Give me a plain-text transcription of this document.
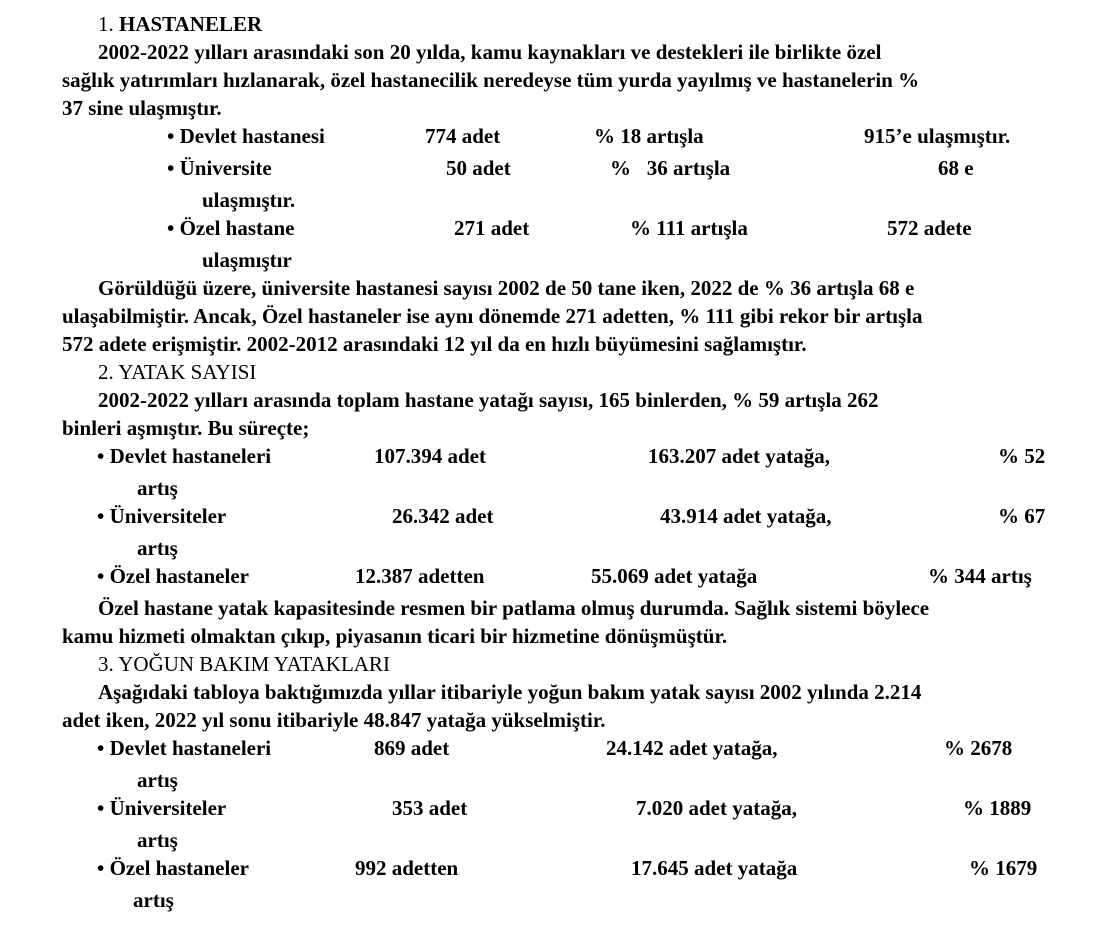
1. HASTANELER
2002-2022 yılları arasındaki son 20 yılda, kamu kaynakları ve destekleri ile birlikte özel
sağlık yatırımları hızlanarak, özel hastanecilik neredeyse tüm yurda yayılmış ve hastanelerin %
37 sine ulaşmıştır.
• Devlet hastanesi	774 adet	% 18 artışla	915’e ulaşmıştır.
• Üniversite	50 adet	%   36 artışla	68 e
ulaşmıştır.
• Özel hastane	271 adet	% 111 artışla	572 adete
ulaşmıştır
Görüldüğü üzere, üniversite hastanesi sayısı 2002 de 50 tane iken, 2022 de % 36 artışla 68 e
ulaşabilmiştir. Ancak, Özel hastaneler ise aynı dönemde 271 adetten, % 111 gibi rekor bir artışla
572 adete erişmiştir. 2002-2012 arasındaki 12 yıl da en hızlı büyümesini sağlamıştır.
2. YATAK SAYISI
2002-2022 yılları arasında toplam hastane yatağı sayısı, 165 binlerden, % 59 artışla 262
binleri aşmıştır. Bu süreçte;
• Devlet hastaneleri	107.394 adet	163.207 adet yatağa,	% 52
artış
• Üniversiteler	26.342 adet	43.914 adet yatağa,	% 67
artış
• Özel hastaneler	12.387 adetten	55.069 adet yatağa	% 344 artış
Özel hastane yatak kapasitesinde resmen bir patlama olmuş durumda. Sağlık sistemi böylece
kamu hizmeti olmaktan çıkıp, piyasanın ticari bir hizmetine dönüşmüştür.
3. YOĞUN BAKIM YATAKLARI
Aşağıdaki tabloya baktığımızda yıllar itibariyle yoğun bakım yatak sayısı 2002 yılında 2.214
adet iken, 2022 yıl sonu itibariyle 48.847 yatağa yükselmiştir.
• Devlet hastaneleri	869 adet	24.142 adet yatağa,	% 2678
artış
• Üniversiteler	353 adet	7.020 adet yatağa,	% 1889
artış
• Özel hastaneler	992 adetten	17.645 adet yatağa	% 1679
artış
